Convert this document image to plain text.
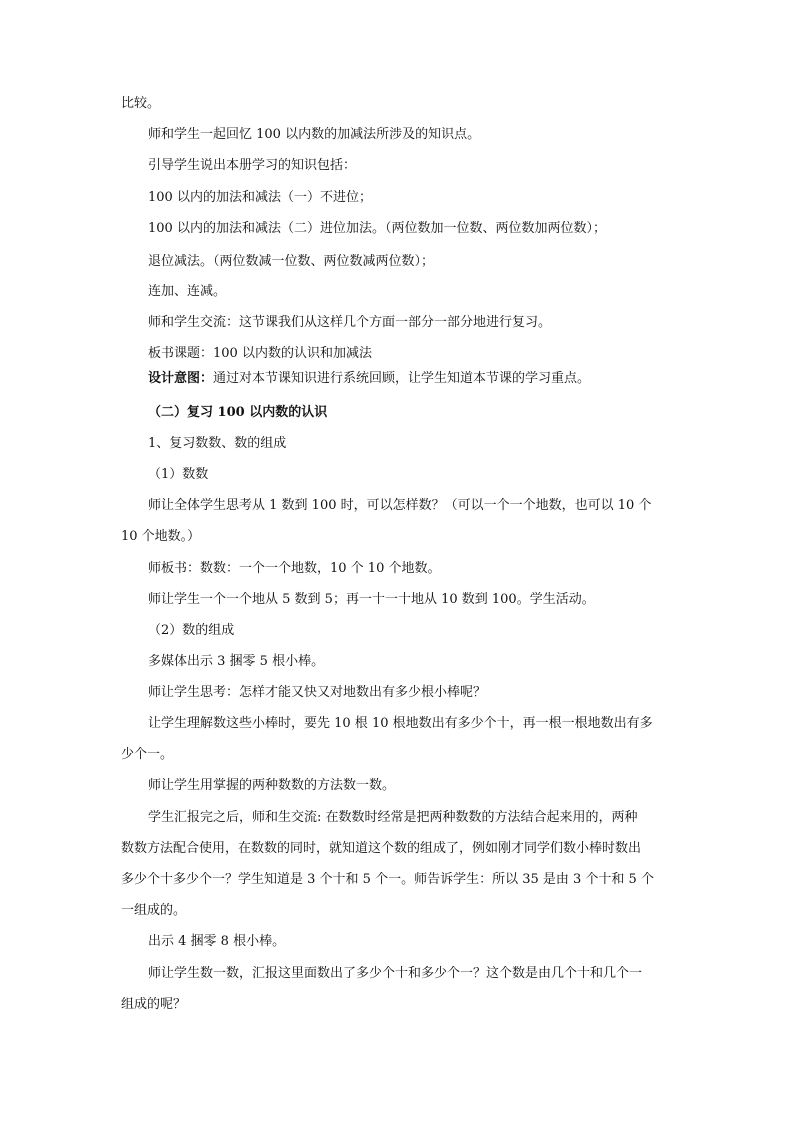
比较。
师和学生一起回忆 100 以内数的加减法所涉及的知识点。
引导学生说出本册学习的知识包括：
100 以内的加法和减法（一）不进位；
100 以内的加法和减法（二）进位加法。（两位数加一位数、两位数加两位数）；
退位减法。（两位数减一位数、两位数减两位数）；
连加、连减。
师和学生交流：这节课我们从这样几个方面一部分一部分地进行复习。
板书课题：100 以内数的认识和加减法
设计意图：通过对本节课知识进行系统回顾，让学生知道本节课的学习重点。
（二）复习 100 以内数的认识
1、复习数数、数的组成
（1）数数
师让全体学生思考从 1 数到 100 时，可以怎样数？（可以一个一个地数，也可以 10 个
10 个地数。）
师板书：数数：一个一个地数，10 个 10 个地数。
师让学生一个一个地从 5 数到 5；再一十一十地从 10 数到 100。学生活动。
（2）数的组成
多媒体出示 3 捆零 5 根小棒。
师让学生思考：怎样才能又快又对地数出有多少根小棒呢？
让学生理解数这些小棒时，要先 10 根 10 根地数出有多少个十，再一根一根地数出有多
少个一。
师让学生用掌握的两种数数的方法数一数。
学生汇报完之后，师和生交流: 在数数时经常是把两种数数的方法结合起来用的，两种
数数方法配合使用，在数数的同时，就知道这个数的组成了，例如刚才同学们数小棒时数出
多少个十多少个一？学生知道是 3 个十和 5 个一。师告诉学生：所以 35 是由 3 个十和 5 个
一组成的。
出示 4 捆零 8 根小棒。
师让学生数一数，汇报这里面数出了多少个十和多少个一？这个数是由几个十和几个一
组成的呢？
